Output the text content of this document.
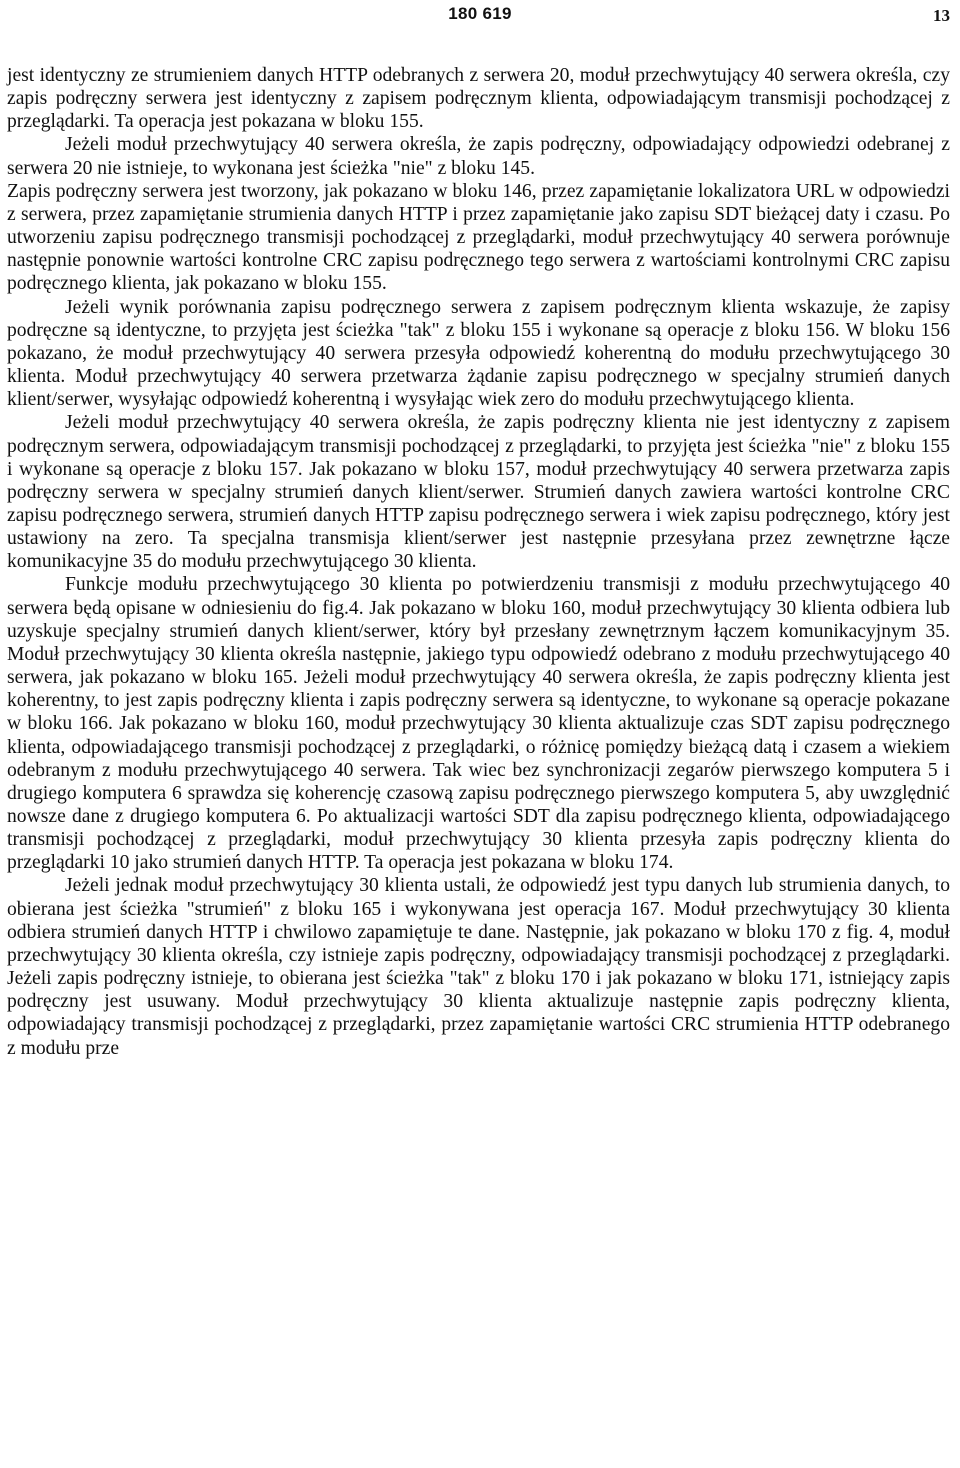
180 619	13

jest identyczny ze strumieniem danych HTTP odebranych z serwera 20, moduł przechwytujący 40 serwera określa, czy zapis podręczny serwera jest identyczny z zapisem podręcznym klienta, odpowiadającym transmisji pochodzącej z przeglądarki. Ta operacja jest pokazana w bloku 155.

Jeżeli moduł przechwytujący 40 serwera określa, że zapis podręczny, odpowiadający odpowiedzi odebranej z serwera 20 nie istnieje, to wykonana jest ścieżka "nie" z bloku 145.

Zapis podręczny serwera jest tworzony, jak pokazano w bloku 146, przez zapamiętanie lokalizatora URL w odpowiedzi z serwera, przez zapamiętanie strumienia danych HTTP i przez zapamiętanie jako zapisu SDT bieżącej daty i czasu. Po utworzeniu zapisu podręcznego transmisji pochodzącej z przeglądarki, moduł przechwytujący 40 serwera porównuje następnie ponownie wartości kontrolne CRC zapisu podręcznego tego serwera z wartościami kontrolnymi CRC zapisu podręcznego klienta, jak pokazano w bloku 155.

Jeżeli wynik porównania zapisu podręcznego serwera z zapisem podręcznym klienta wskazuje, że zapisy podręczne są identyczne, to przyjęta jest ścieżka "tak" z bloku 155 i wykonane są operacje z bloku 156. W bloku 156 pokazano, że moduł przechwytujący 40 serwera przesyła odpowiedź koherentną do modułu przechwytującego 30 klienta. Moduł przechwytujący 40 serwera przetwarza żądanie zapisu podręcznego w specjalny strumień danych klient/serwer, wysyłając odpowiedź koherentną i wysyłając wiek zero do modułu przechwytującego klienta.

Jeżeli moduł przechwytujący 40 serwera określa, że zapis podręczny klienta nie jest identyczny z zapisem podręcznym serwera, odpowiadającym transmisji pochodzącej z przeglądarki, to przyjęta jest ścieżka "nie" z bloku 155 i wykonane są operacje z bloku 157. Jak pokazano w bloku 157, moduł przechwytujący 40 serwera przetwarza zapis podręczny serwera w specjalny strumień danych klient/serwer. Strumień danych zawiera wartości kontrolne CRC zapisu podręcznego serwera, strumień danych HTTP zapisu podręcznego serwera i wiek zapisu podręcznego, który jest ustawiony na zero. Ta specjalna transmisja klient/serwer jest następnie przesyłana przez zewnętrzne łącze komunikacyjne 35 do modułu przechwytującego 30 klienta.

Funkcje modułu przechwytującego 30 klienta po potwierdzeniu transmisji z modułu przechwytującego 40 serwera będą opisane w odniesieniu do fig.4. Jak pokazano w bloku 160, moduł przechwytujący 30 klienta odbiera lub uzyskuje specjalny strumień danych klient/serwer, który był przesłany zewnętrznym łączem komunikacyjnym 35. Moduł przechwytujący 30 klienta określa następnie, jakiego typu odpowiedź odebrano z modułu przechwytującego 40 serwera, jak pokazano w bloku 165. Jeżeli moduł przechwytujący 40 serwera określa, że zapis podręczny klienta jest koherentny, to jest zapis podręczny klienta i zapis podręczny serwera są identyczne, to wykonane są operacje pokazane w bloku 166. Jak pokazano w bloku 160, moduł przechwytujący 30 klienta aktualizuje czas SDT zapisu podręcznego klienta, odpowiadającego transmisji pochodzącej z przeglądarki, o różnicę pomiędzy bieżącą datą i czasem a wiekiem odebranym z modułu przechwytującego 40 serwera. Tak wiec bez synchronizacji zegarów pierwszego komputera 5 i drugiego komputera 6 sprawdza się koherencję czasową zapisu podręcznego pierwszego komputera 5, aby uwzględnić nowsze dane z drugiego komputera 6. Po aktualizacji wartości SDT dla zapisu podręcznego klienta, odpowiadającego transmisji pochodzącej z przeglądarki, moduł przechwytujący 30 klienta przesyła zapis podręczny klienta do przeglądarki 10 jako strumień danych HTTP. Ta operacja jest pokazana w bloku 174.

Jeżeli jednak moduł przechwytujący 30 klienta ustali, że odpowiedź jest typu danych lub strumienia danych, to obierana jest ścieżka "strumień" z bloku 165 i wykonywana jest operacja 167. Moduł przechwytujący 30 klienta odbiera strumień danych HTTP i chwilowo zapamiętuje te dane. Następnie, jak pokazano w bloku 170 z fig. 4, moduł przechwytujący 30 klienta określa, czy istnieje zapis podręczny, odpowiadający transmisji pochodzącej z przeglądarki. Jeżeli zapis podręczny istnieje, to obierana jest ścieżka "tak" z bloku 170 i jak pokazano w bloku 171, istniejący zapis podręczny jest usuwany. Moduł przechwytujący 30 klienta aktualizuje następnie zapis podręczny klienta, odpowiadający transmisji pochodzącej z przeglądarki, przez zapamiętanie wartości CRC strumienia HTTP odebranego z modułu prze
